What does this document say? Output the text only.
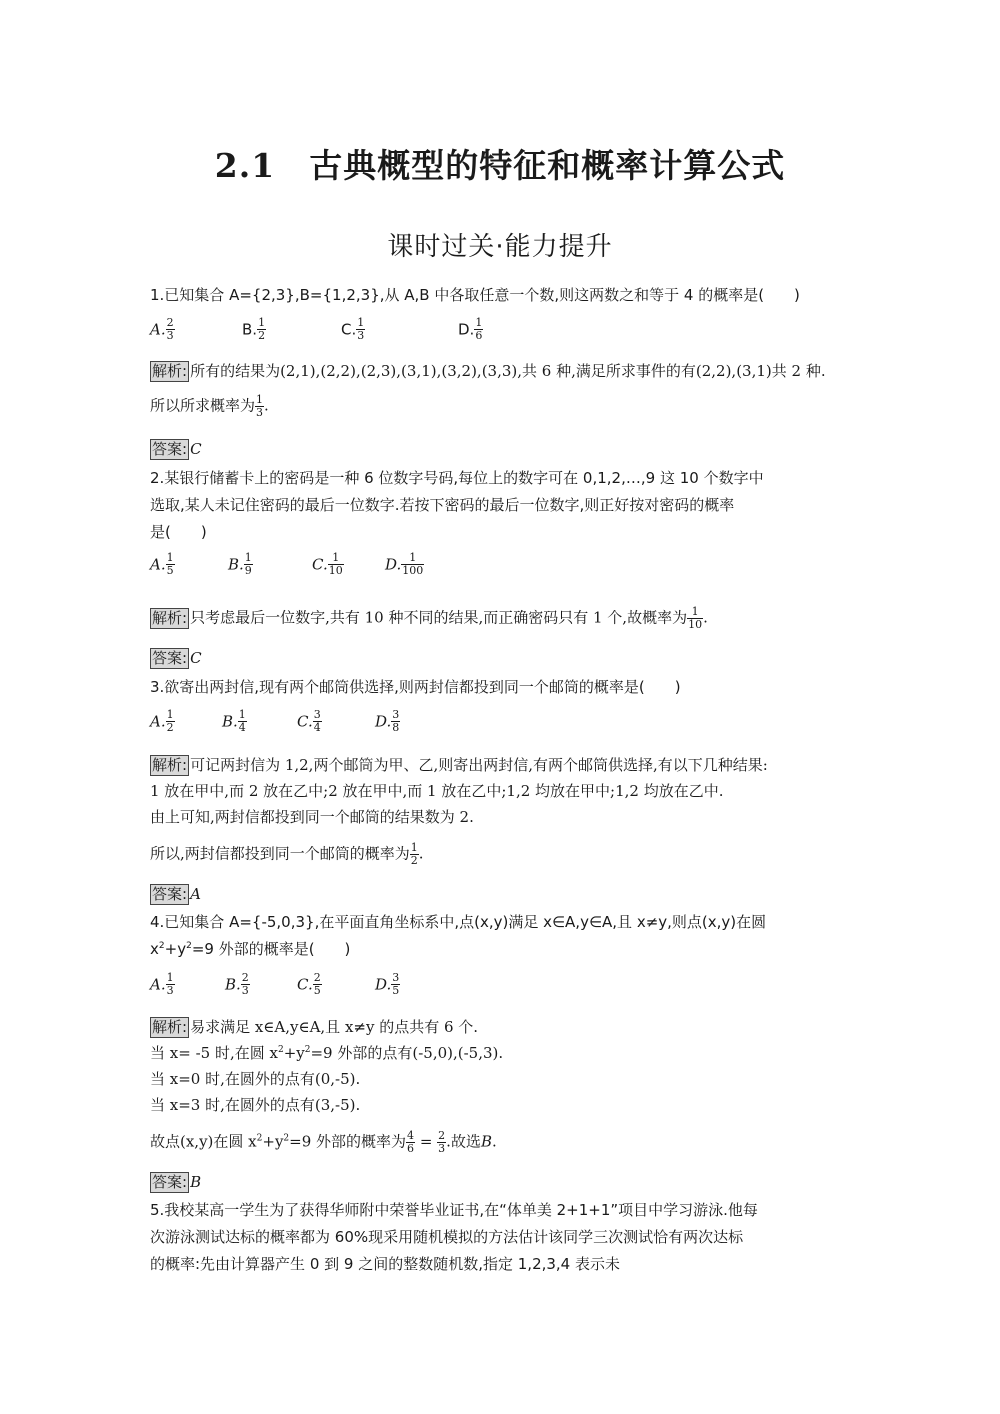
2.1 古典概型的特征和概率计算公式
课时过关·能力提升
1.已知集合 A={2,3},B={1,2,3},从 A,B 中各取任意一个数,则这两数之和等于 4 的概率是(　　)
A. $\frac{2}{3}$	B. $\frac{1}{2}$	C. $\frac{1}{3}$	D. $\frac{1}{6}$
解析: 所有的结果为(2,1),(2,2),(2,3),(3,1),(3,2),(3,3),共 6 种,满足所求事件的有(2,2),(3,1)共 2 种.
所以所求概率为 $\frac{1}{3}$ .
答案: C
2.某银行储蓄卡上的密码是一种 6 位数字号码,每位上的数字可在 0,1,2,…,9 这 10 个数字中
选取,某人未记住密码的最后一位数字.若按下密码的最后一位数字,则正好按对密码的概率
是(　　)
A. $\frac{1}{5}$	B. $\frac{1}{9}$	C. $\frac{1}{10}$	D. $\frac{1}{100}$
解析: 只考虑最后一位数字,共有 10 种不同的结果,而正确密码只有 1 个,故概率为 $\frac{1}{10}$ .
答案: C
3.欲寄出两封信,现有两个邮筒供选择,则两封信都投到同一个邮筒的概率是(　　)
A. $\frac{1}{2}$	B. $\frac{1}{4}$	C. $\frac{3}{4}$	D. $\frac{3}{8}$
解析: 可记两封信为 1,2,两个邮筒为甲、乙,则寄出两封信,有两个邮筒供选择,有以下几种结果:
1 放在甲中,而 2 放在乙中;2 放在甲中,而 1 放在乙中;1,2 均放在甲中;1,2 均放在乙中.
由上可知,两封信都投到同一个邮筒的结果数为 2.
所以,两封信都投到同一个邮筒的概率为 $\frac{1}{2}$ .
答案: A
4.已知集合 A={-5,0,3},在平面直角坐标系中,点(x,y)满足 x∈A,y∈A,且 x≠y,则点(x,y)在圆
$x^2+y^2=9$ 外部的概率是(　　)
A. $\frac{1}{3}$	B. $\frac{2}{3}$	C. $\frac{2}{5}$	D. $\frac{3}{5}$
解析: 易求满足 x∈A,y∈A,且 x≠y 的点共有 6 个.
当 x= -5 时,在圆 $x^2+y^2=9$ 外部的点有(-5,0),(-5,3).
当 x=0 时,在圆外的点有(0,-5).
当 x=3 时,在圆外的点有(3,-5).
故点(x,y)在圆 $x^2+y^2=9$ 外部的概率为 $\frac{4}{6} = \frac{2}{3}$ .故选B.
答案: B
5.我校某高一学生为了获得华师附中荣誉毕业证书,在“体单美 2+1+1”项目中学习游泳.他每
次游泳测试达标的概率都为 60%现采用随机模拟的方法估计该同学三次测试恰有两次达标
的概率:先由计算器产生 0 到 9 之间的整数随机数,指定 1,2,3,4 表示未
